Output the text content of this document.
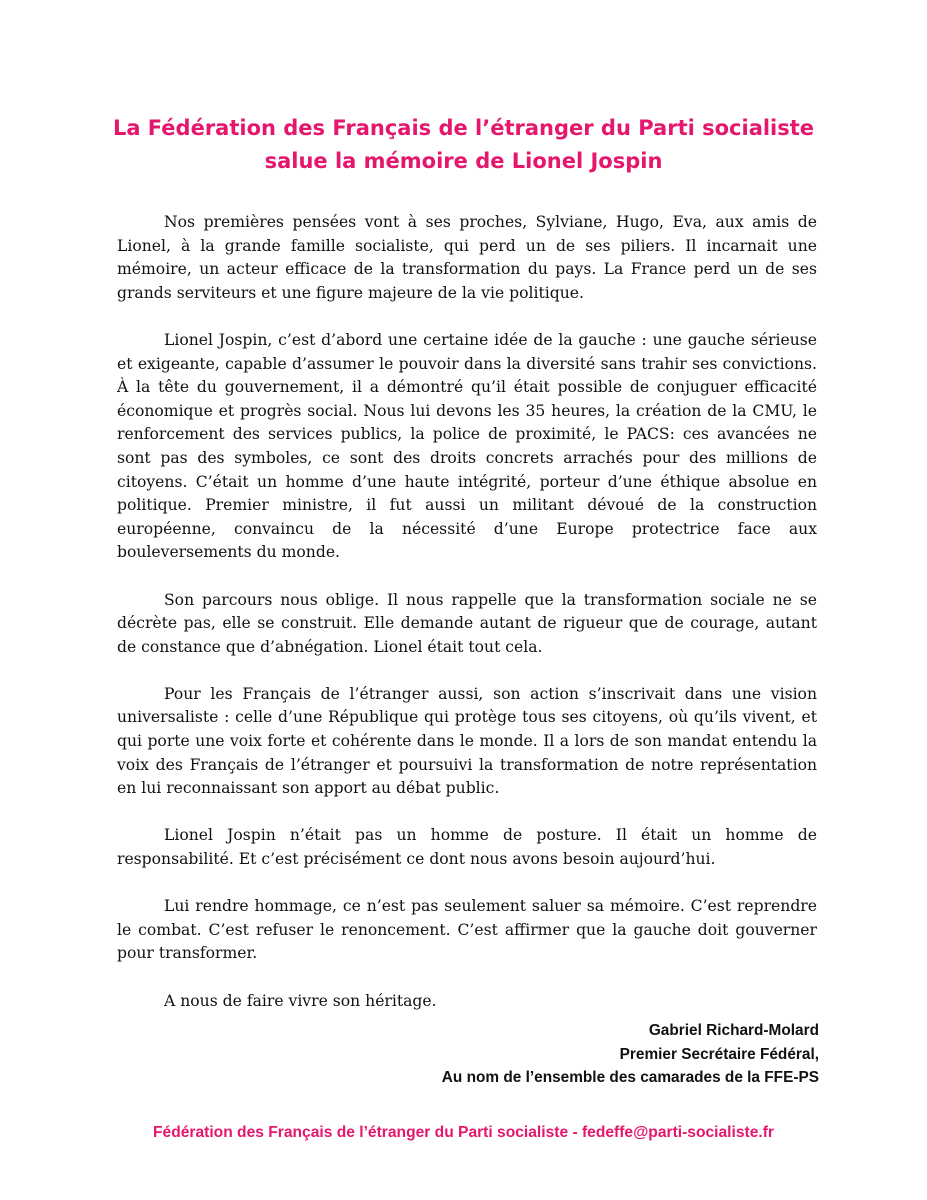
La Fédération des Français de l’étranger du Parti socialiste
salue la mémoire de Lionel Jospin

Nos premières pensées vont à ses proches, Sylviane, Hugo, Eva, aux amis de Lionel, à la grande famille socialiste, qui perd un de ses piliers. Il incarnait une mémoire, un acteur efficace de la transformation du pays. La France perd un de ses grands serviteurs et une figure majeure de la vie politique.

Lionel Jospin, c’est d’abord une certaine idée de la gauche : une gauche sérieuse et exigeante, capable d’assumer le pouvoir dans la diversité sans trahir ses convictions. À la tête du gouvernement, il a démontré qu’il était possible de conjuguer efficacité économique et progrès social. Nous lui devons les 35 heures, la création de la CMU, le renforcement des services publics, la police de proximité, le PACS: ces avancées ne sont pas des symboles, ce sont des droits concrets arrachés pour des millions de citoyens. C’était un homme d’une haute intégrité, porteur d’une éthique absolue en politique. Premier ministre, il fut aussi un militant dévoué de la construction européenne, convaincu de la nécessité d’une Europe protectrice face aux bouleversements du monde.

Son parcours nous oblige. Il nous rappelle que la transformation sociale ne se décrète pas, elle se construit. Elle demande autant de rigueur que de courage, autant de constance que d’abnégation. Lionel était tout cela.

Pour les Français de l’étranger aussi, son action s’inscrivait dans une vision universaliste : celle d’une République qui protège tous ses citoyens, où qu’ils vivent, et qui porte une voix forte et cohérente dans le monde. Il a lors de son mandat entendu la voix des Français de l’étranger et poursuivi la transformation de notre représentation en lui reconnaissant son apport au débat public.

Lionel Jospin n’était pas un homme de posture. Il était un homme de responsabilité. Et c’est précisément ce dont nous avons besoin aujourd’hui.

Lui rendre hommage, ce n’est pas seulement saluer sa mémoire. C’est reprendre le combat. C’est refuser le renoncement. C’est affirmer que la gauche doit gouverner pour transformer.

A nous de faire vivre son héritage.

Gabriel Richard-Molard
Premier Secrétaire Fédéral,
Au nom de l’ensemble des camarades de la FFE-PS
Fédération des Français de l’étranger du Parti socialiste - fedeffe@parti-socialiste.fr
